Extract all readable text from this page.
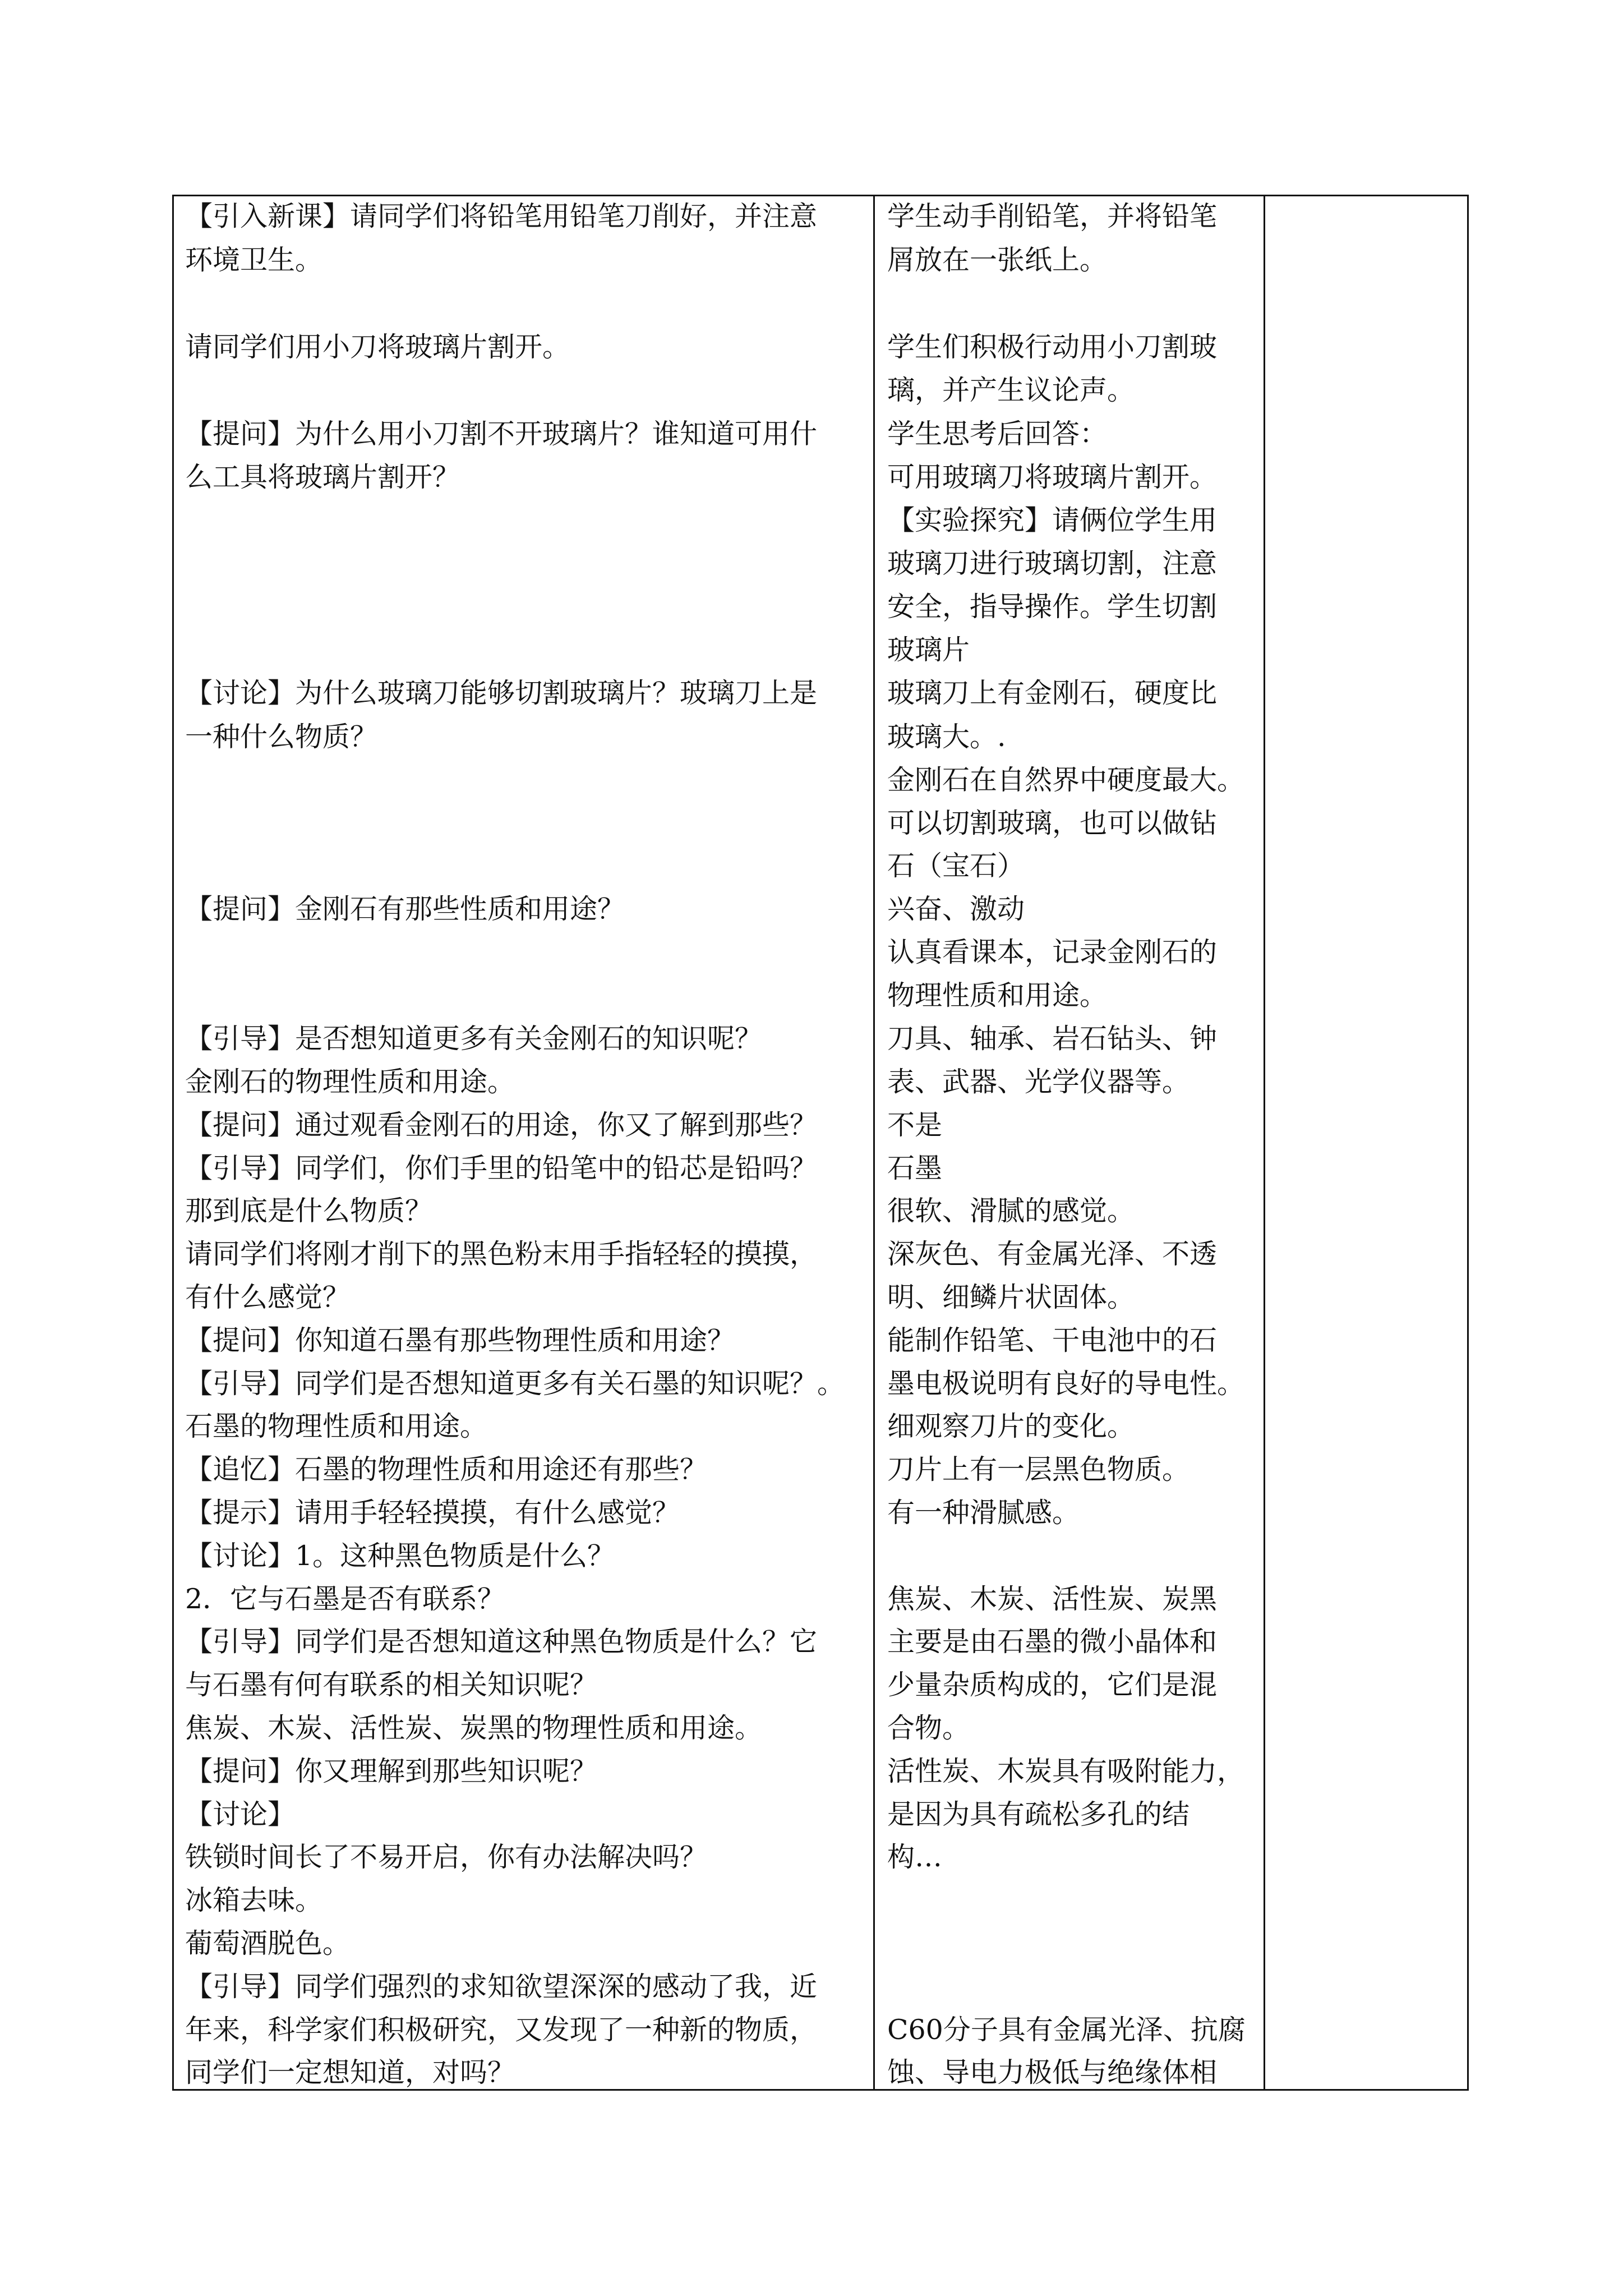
【引入新课】请同学们将铅笔用铅笔刀削好，并注意
环境卫生。
请同学们用小刀将玻璃片割开。
【提问】为什么用小刀割不开玻璃片？谁知道可用什
么工具将玻璃片割开？
【讨论】为什么玻璃刀能够切割玻璃片？玻璃刀上是
一种什么物质？
【提问】金刚石有那些性质和用途？
【引导】是否想知道更多有关金刚石的知识呢？
金刚石的物理性质和用途。
【提问】通过观看金刚石的用途，你又了解到那些？
【引导】同学们，你们手里的铅笔中的铅芯是铅吗？
那到底是什么物质？
请同学们将刚才削下的黑色粉末用手指轻轻的摸摸，
有什么感觉？
【提问】你知道石墨有那些物理性质和用途？
【引导】同学们是否想知道更多有关石墨的知识呢？。
石墨的物理性质和用途。
【追忆】石墨的物理性质和用途还有那些？
【提示】请用手轻轻摸摸，有什么感觉？
【讨论】1。这种黑色物质是什么？
2．它与石墨是否有联系？
【引导】同学们是否想知道这种黑色物质是什么？它
与石墨有何有联系的相关知识呢？
焦炭、木炭、活性炭、炭黑的物理性质和用途。
【提问】你又理解到那些知识呢？
【讨论】
铁锁时间长了不易开启，你有办法解决吗？
冰箱去味。
葡萄酒脱色。
【引导】同学们强烈的求知欲望深深的感动了我，近
年来，科学家们积极研究，又发现了一种新的物质，
同学们一定想知道，对吗？
学生动手削铅笔，并将铅笔
屑放在一张纸上。
学生们积极行动用小刀割玻
璃，并产生议论声。
学生思考后回答：
可用玻璃刀将玻璃片割开。
【实验探究】请俩位学生用
玻璃刀进行玻璃切割，注意
安全，指导操作。学生切割
玻璃片
玻璃刀上有金刚石，硬度比
玻璃大。.
金刚石在自然界中硬度最大。
可以切割玻璃，也可以做钻
石（宝石）
兴奋、激动
认真看课本，记录金刚石的
物理性质和用途。
刀具、轴承、岩石钻头、钟
表、武器、光学仪器等。
不是
石墨
很软、滑腻的感觉。
深灰色、有金属光泽、不透
明、细鳞片状固体。
能制作铅笔、干电池中的石
墨电极说明有良好的导电性。
细观察刀片的变化。
刀片上有一层黑色物质。
有一种滑腻感。
焦炭、木炭、活性炭、炭黑
主要是由石墨的微小晶体和
少量杂质构成的，它们是混
合物。
活性炭、木炭具有吸附能力，
是因为具有疏松多孔的结
构…
C60分子具有金属光泽、抗腐
蚀、导电力极低与绝缘体相
